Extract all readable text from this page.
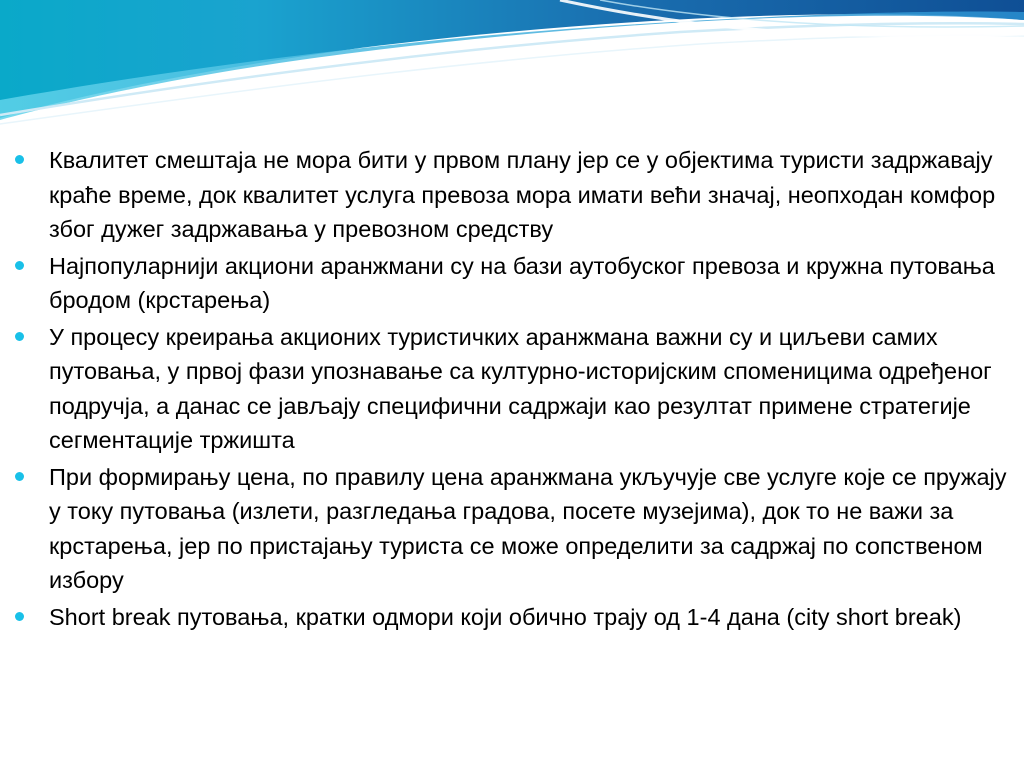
Квалитет смештаја не мора бити у првом плану јер се у објектима туристи задржавају краће време, док квалитет услуга превоза мора имати већи значај, неопходан комфор због дужег задржавања у превозном средству
Најпопуларнији акциони аранжмани су на бази аутобуског превоза и кружна путовања бродом (крстарења)
У процесу креирања акционих туристичких аранжмана важни су и циљеви самих путовања, у првој фази упознавање са културно-историјским споменицима одређеног подручја, а данас се јављају специфични садржаји као резултат примене стратегије сегментације тржишта
При формирању цена, по правилу цена аранжмана укључује све услуге које се пружају у току путовања (излети, разгледања градова, посете музејима), док то не важи за крстарења, јер по пристајању туриста се може определити за садржај по сопственом избору
Short break путовања, кратки одмори који обично трају од 1-4 дана (city short break)
